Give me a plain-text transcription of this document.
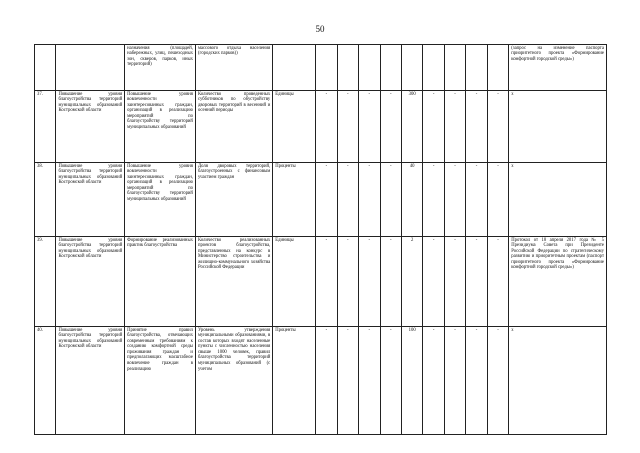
50
		назначения (площадей, набережных, улиц, пешеходных зон, скверов, парков, иных территорий)	массового отдыха населения (городских парков))											(запрос на изменение паспорта приоритетного проекта «Формирование комфортной городской среды»)
37.	Повышение уровня благоустройства территорий муниципальных образований Костромской области	Повышение уровня вовлеченности заинтересованных граждан, организаций в реализацию мероприятий по благоустройству территорий муниципальных образований	Количество проведенных субботников по обустройству дворовых территорий в весенний и осенний периоды	Единицы	-	-	-	-	300	-	-	-	-	х
38.	Повышение уровня благоустройства территорий муниципальных образований Костромской области	Повышение уровня вовлеченности заинтересованных граждан, организаций в реализацию мероприятий по благоустройству территорий муниципальных образований	Доля дворовых территорий, благоустроенных с финансовым участием граждан	Проценты	-	-	-	-	40	-	-	-	-	х
39.	Повышение уровня благоустройства территорий муниципальных образований Костромской области	Формирование реализованных практик благоустройства	Количество реализованных проектов благоустройства, представленных на конкурс в Министерство строительства и жилищно-коммунального хозяйства Российской Федерации	Единицы	-	-	-	-	2	-	-	-	-	Протокол от 18 апреля 2017 года № 5 Президиума Совета при Президенте Российской Федерации по стратегическому развитию и приоритетным проектам (паспорт приоритетного проекта «Формирование комфортной городской среды»)
40.	Повышение уровня благоустройства территорий муниципальных образований Костромской области	Принятие правил благоустройства, отвечающих современным требованиям к созданию комфортной среды проживания граждан и предполагающих масштабное вовлечение граждан в реализацию	Уровень утверждения муниципальными образованиями, в состав которых входят населенные пункты с численностью населения свыше 1000 человек, правил благоустройства территорий муниципальных образований (с учетом	Проценты	-	-	-	-	100	-	-	-	-	х
